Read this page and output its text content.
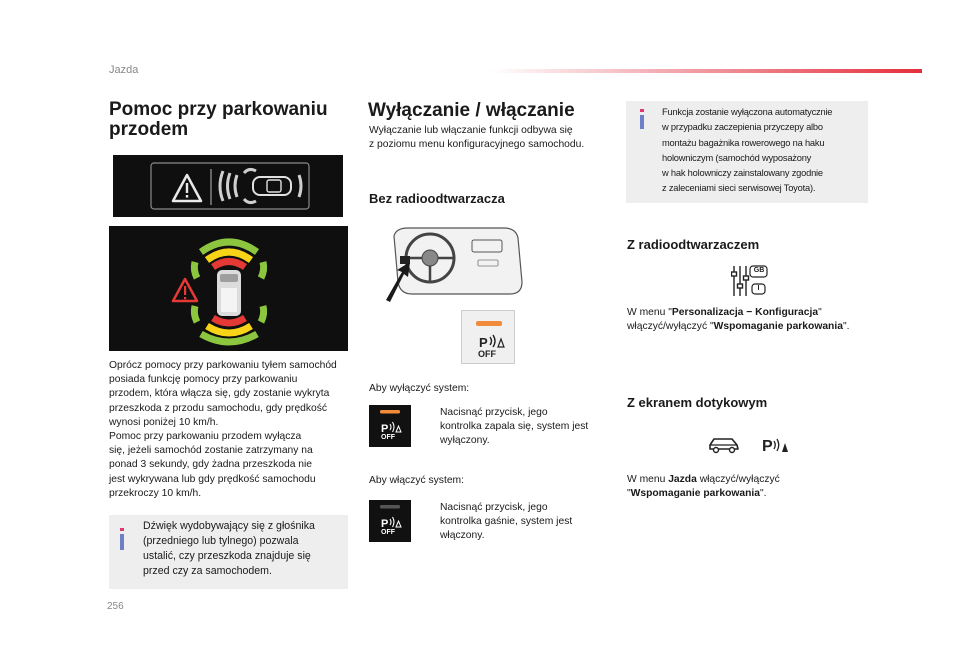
Jazda
256
Pomoc przy parkowaniu
przodem
Oprócz pomocy przy parkowaniu tyłem samochód
posiada funkcję pomocy przy parkowaniu
przodem, która włącza się, gdy zostanie wykryta
przeszkoda z przodu samochodu, gdy prędkość
wynosi poniżej 10 km/h.
Pomoc przy parkowaniu przodem wyłącza
się, jeżeli samochód zostanie zatrzymany na
ponad 3 sekundy, gdy żadna przeszkoda nie
jest wykrywana lub gdy prędkość samochodu
przekroczy 10 km/h.
Dźwięk wydobywający się z głośnika
(przedniego lub tylnego) pozwala
ustalić, czy przeszkoda znajduje się
przed czy za samochodem.
Wyłączanie / włączanie
Wyłączanie lub włączanie funkcji odbywa się
z poziomu menu konfiguracyjnego samochodu.
Bez radioodtwarzacza
P
OFF
Aby wyłączyć system:
P
OFF
Nacisnąć przycisk, jego
kontrolka zapala się, system jest
wyłączony.
Aby włączyć system:
P
OFF
Nacisnąć przycisk, jego
kontrolka gaśnie, system jest
włączony.
Funkcja zostanie wyłączona automatycznie
w przypadku zaczepienia przyczepy albo
montażu bagażnika rowerowego na haku
holowniczym (samochód wyposażony
w hak holowniczy zainstalowany zgodnie
z zaleceniami sieci serwisowej Toyota).
Z radioodtwarzaczem
GB
I
W menu "Personalizacja − Konfiguracja" włączyć/wyłączyć "Wspomaganie parkowania".
Z ekranem dotykowym
P
W menu Jazda włączyć/wyłączyć
"Wspomaganie parkowania".
